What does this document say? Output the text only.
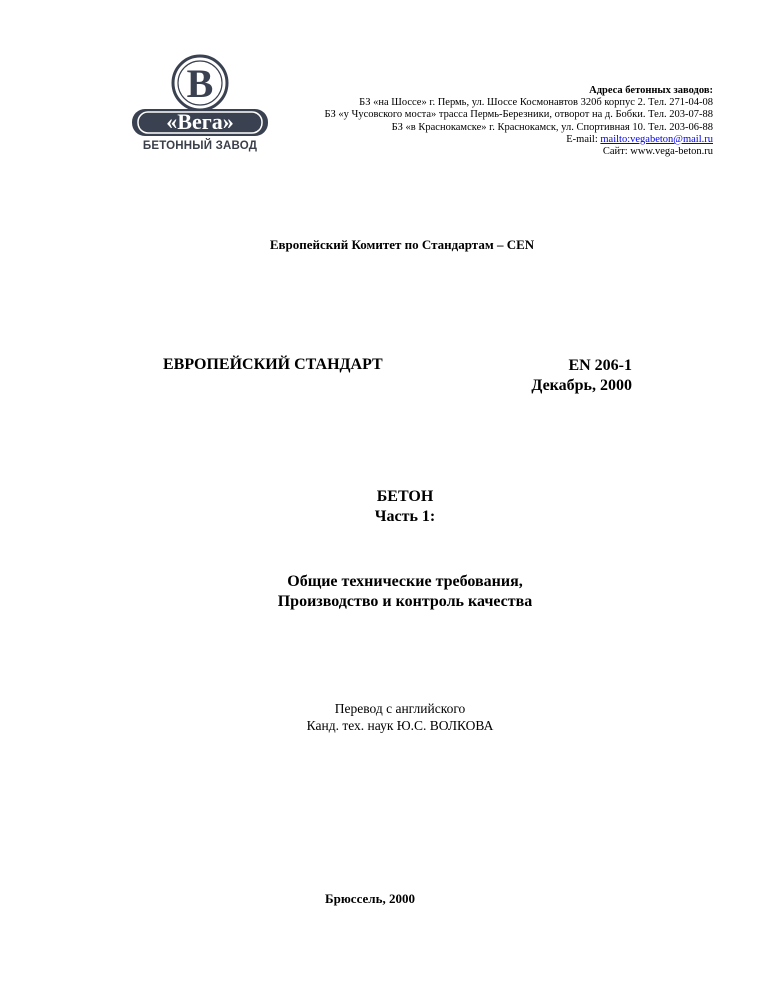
B
«Вега»
БЕТОННЫЙ ЗАВОД
Адреса бетонных заводов:
БЗ «на Шоссе» г. Пермь, ул. Шоссе Космонавтов 320б корпус 2. Тел. 271-04-08
БЗ «у Чусовского моста» трасса Пермь-Березники, отворот на д. Бобки. Тел. 203-07-88
БЗ «в Краснокамске» г. Краснокамск, ул. Спортивная 10. Тел. 203-06-88
E-mail: mailto:vegabeton@mail.ru
Сайт: www.vega-beton.ru
Европейский Комитет по Стандартам – CEN
ЕВРОПЕЙСКИЙ СТАНДАРТ	EN 206-1
Декабрь, 2000
БЕТОН
Часть 1:
Общие технические требования,
Производство и контроль качества
Перевод с английского
Канд. тех. наук Ю.С. ВОЛКОВА
Брюссель, 2000
